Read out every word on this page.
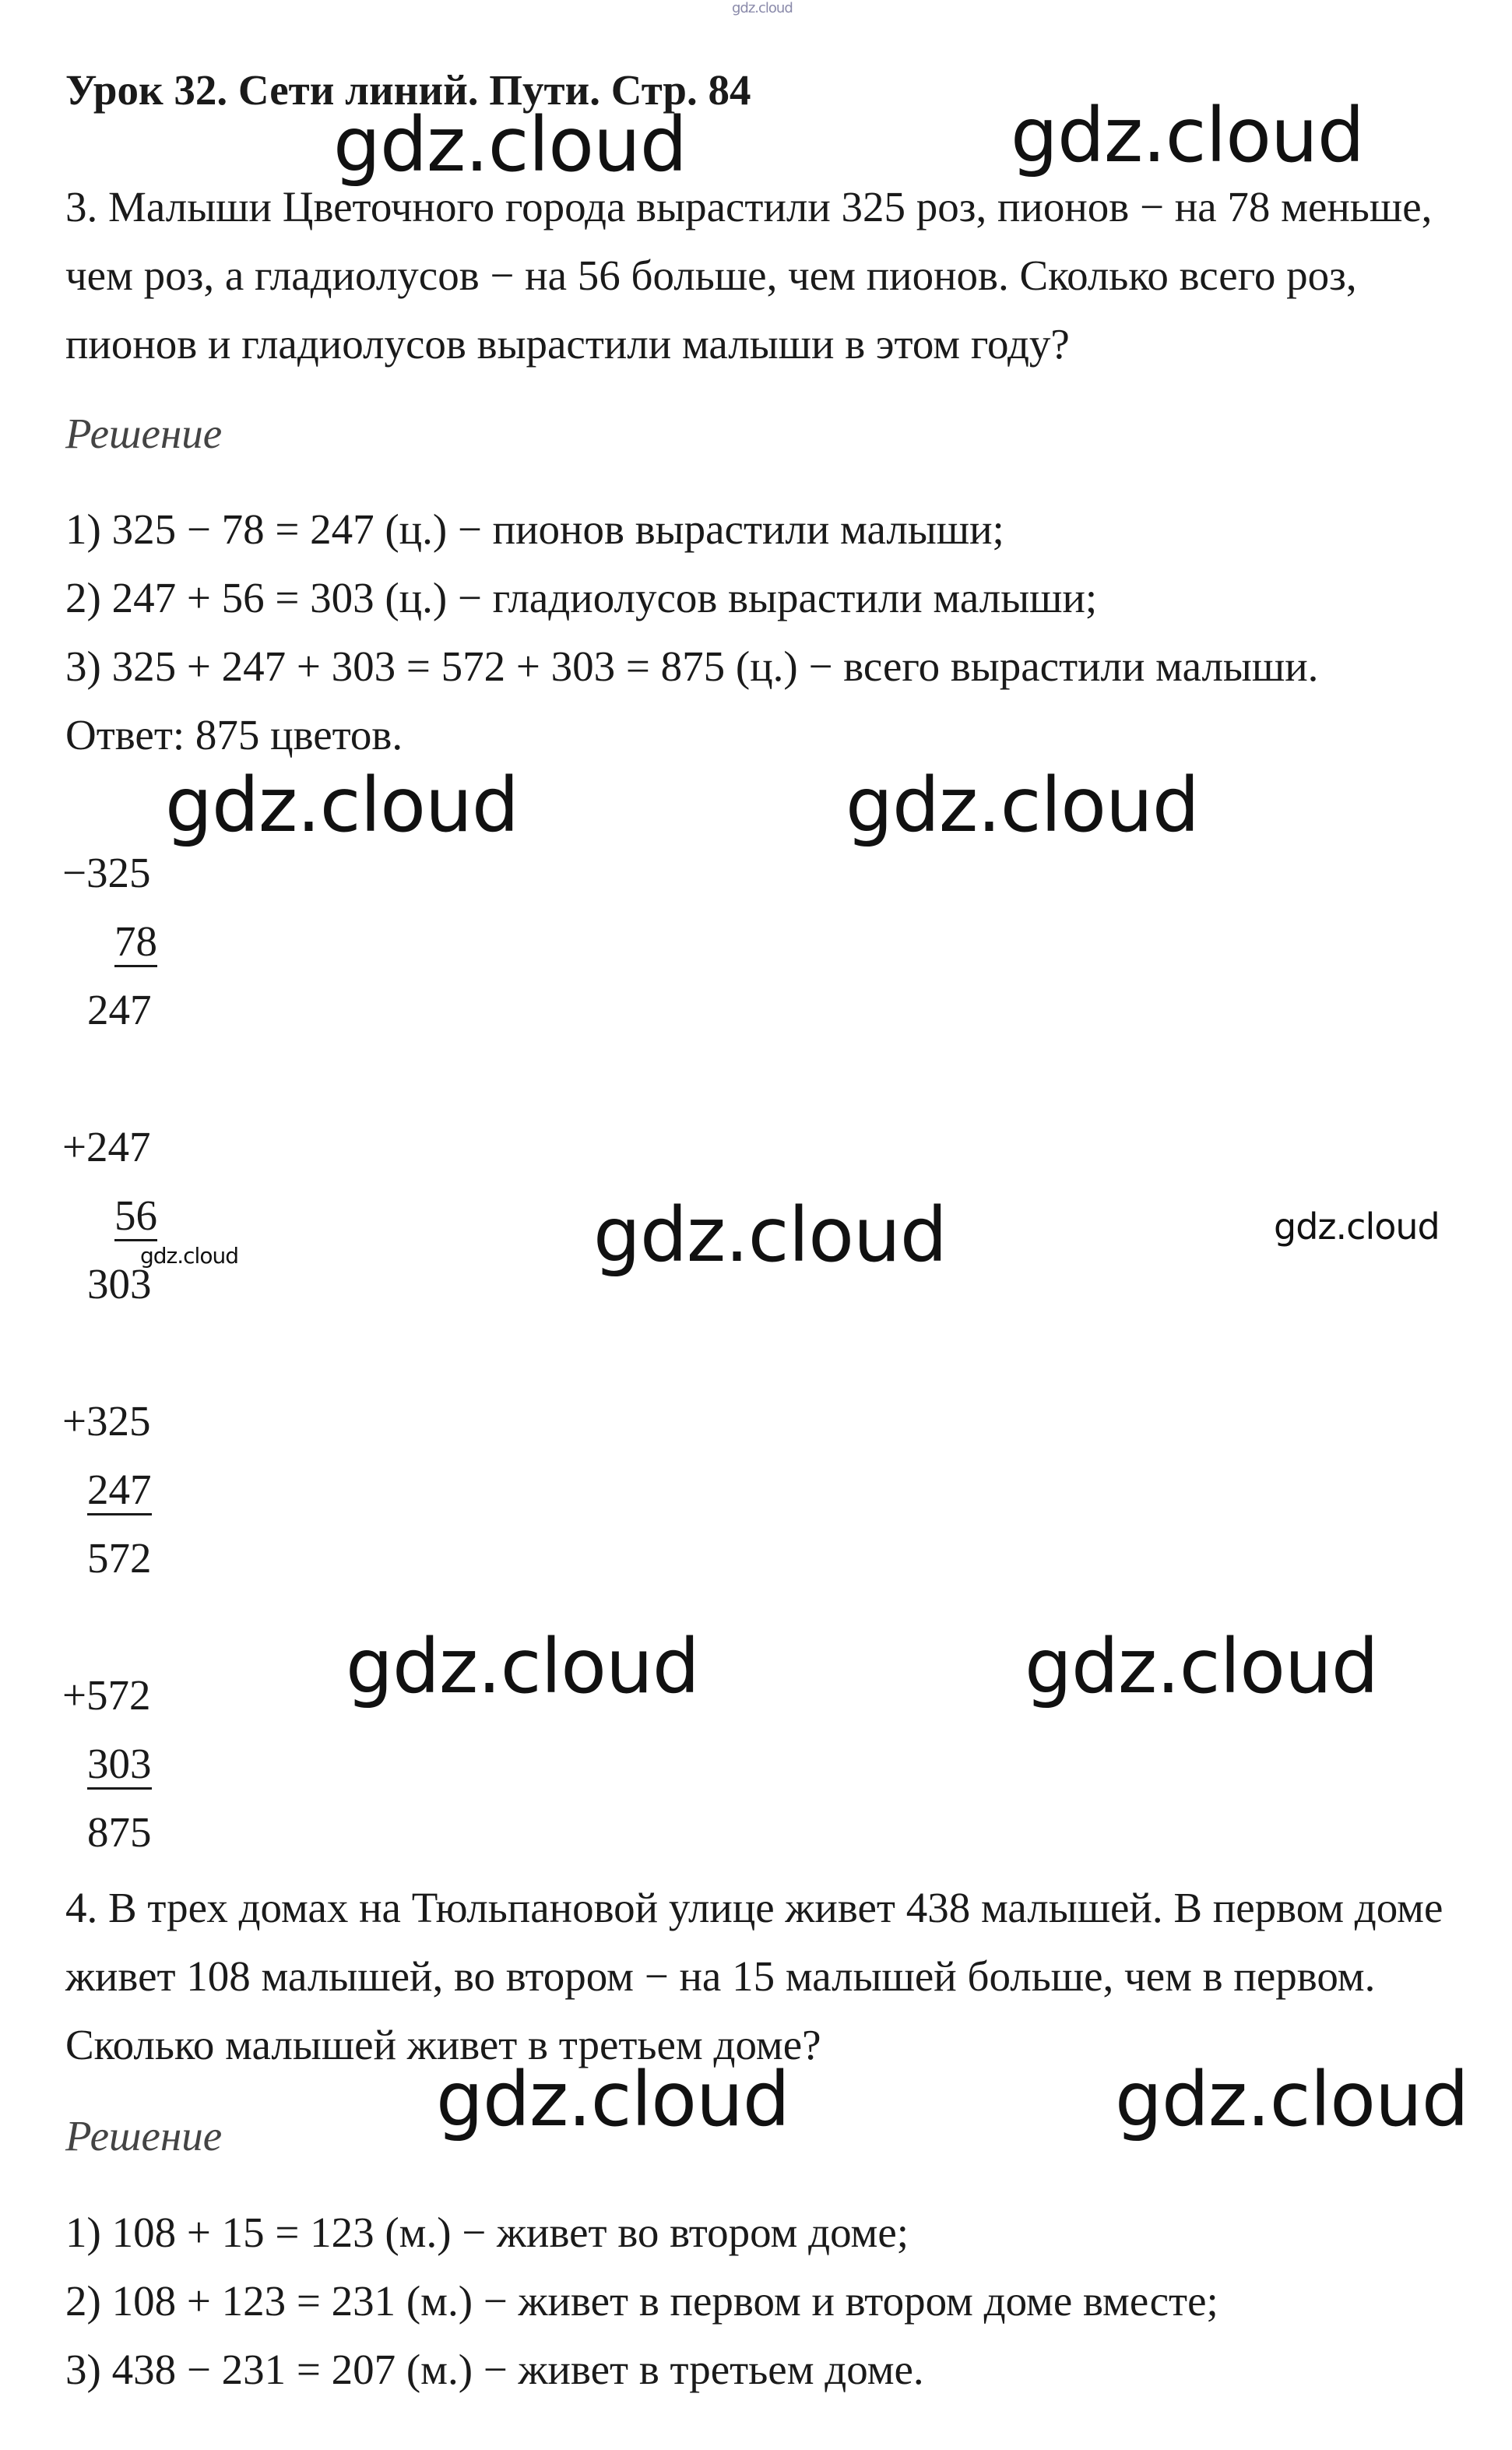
gdz.cloud
Урок 32. Сети линий. Пути. Стр. 84
3. Малыши Цветочного города вырастили 325 роз, пионов − на 78 меньше, чем роз, а гладиолусов − на 56 больше, чем пионов. Сколько всего роз, пионов и гладиолусов вырастили малыши в этом году?
Решение
1) 325 − 78 = 247 (ц.) − пионов вырастили малыши;
2) 247 + 56 = 303 (ц.) − гладиолусов вырастили малыши;
3) 325 + 247 + 303 = 572 + 303 = 875 (ц.) − всего вырастили малыши.
Ответ: 875 цветов.
−325
78
247
+247
56
303
+325
247
572
+572
303
875
4. В трех домах на Тюльпановой улице живет 438 малышей. В первом доме живет 108 малышей, во втором − на 15 малышей больше, чем в первом. Сколько малышей живет в третьем доме?
Решение
1) 108 + 15 = 123 (м.) − живет во втором доме;
2) 108 + 123 = 231 (м.) − живет в первом и втором доме вместе;
3) 438 − 231 = 207 (м.) − живет в третьем доме.
gdz.cloud	gdz.cloud
gdz.cloud	gdz.cloud
gdz.cloud	gdz.cloud
gdz.cloud
gdz.cloud	gdz.cloud
gdz.cloud	gdz.cloud
